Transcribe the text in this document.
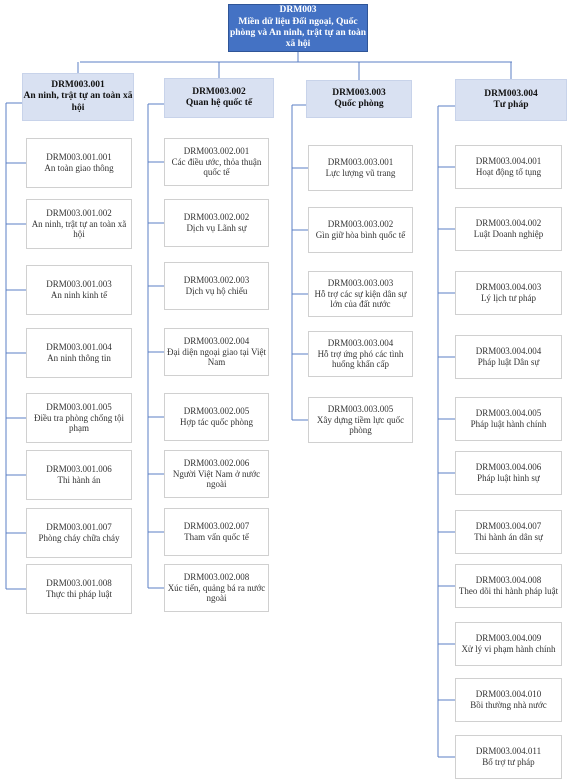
DRM003
Miền dữ liệu Đối ngoại, Quốc phòng và An ninh, trật tự an toàn xã hội
DRM003.001
An ninh, trật tự an toàn xã hội
DRM003.001.001
An toàn giao thông
DRM003.001.002
An ninh, trật tự an toàn xã hội
DRM003.001.003
An ninh kinh tế
DRM003.001.004
An ninh thông tin
DRM003.001.005
Điều tra phòng chống tội phạm
DRM003.001.006
Thi hành án
DRM003.001.007
Phòng cháy chữa cháy
DRM003.001.008
Thực thi pháp luật
DRM003.002
Quan hệ quốc tế
DRM003.002.001
Các điều ước, thỏa thuận quốc tế
DRM003.002.002
Dịch vụ Lãnh sự
DRM003.002.003
Dịch vụ hộ chiếu
DRM003.002.004
Đại diện ngoại giao tại Việt Nam
DRM003.002.005
Hợp tác quốc phòng
DRM003.002.006
Người Việt Nam ở nước ngoài
DRM003.002.007
Tham vấn quốc tế
DRM003.002.008
Xúc tiến, quảng bá ra nước ngoài
DRM003.003
Quốc phòng
DRM003.003.001
Lực lượng vũ trang
DRM003.003.002
Gìn giữ hòa bình quốc tế
DRM003.003.003
Hỗ trợ các sự kiện dân sự lớn của đất nước
DRM003.003.004
Hỗ trợ ứng phó các tình huống khẩn cấp
DRM003.003.005
Xây dựng tiềm lực quốc phòng
DRM003.004
Tư pháp
DRM003.004.001
Hoạt động tố tụng
DRM003.004.002
Luật Doanh nghiệp
DRM003.004.003
Lý lịch tư pháp
DRM003.004.004
Pháp luật Dân sự
DRM003.004.005
Pháp luật hành chính
DRM003.004.006
Pháp luật hình sự
DRM003.004.007
Thi hành án dân sự
DRM003.004.008
Theo dõi thi hành pháp luật
DRM003.004.009
Xử lý vi phạm hành chính
DRM003.004.010
Bồi thường nhà nước
DRM003.004.011
Bổ trợ tư pháp
